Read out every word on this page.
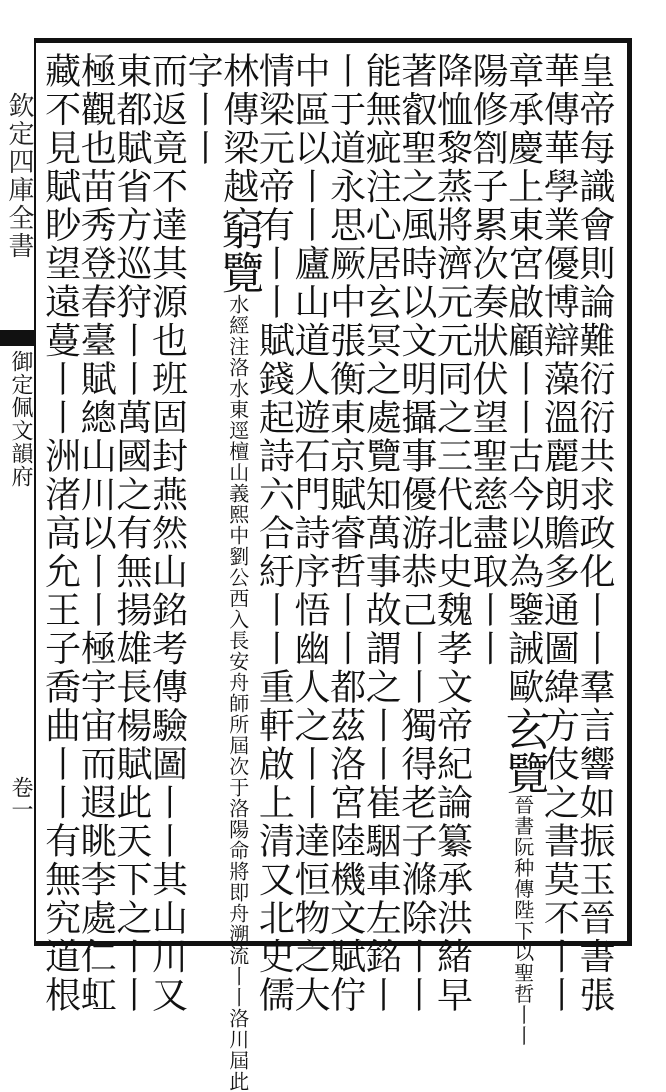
欽定四庫全書
御定佩文韻府
卷一	皇帝每識會則論難衍衍共求政化丨丨羣言響如振玉晉書張
華傳華學業優博辯藻溫麗朗贍多通圖緯方伎之書莫不丨丨
章承慶上東宮啟顧丨丨古今以為鑒誡歐玄覽晉書阮种傳陛下以聖哲丨丨
陽修劄子累次奏狀伏望聖慈盡取丨丨
降恤黎蒸將濟元元同之三代北史魏孝文帝紀論纂承洪緒早
著叡聖之風時以文明攝事優游恭己丨丨獨得老子滌除丨丨
能無疵注心居玄冥之處覽知萬事故謂之丨丨崔駰車左銘丨
丨于道永思厥中張衡東京賦睿哲丨丨都茲洛宮陸機文賦佇
中區以丨丨廬山道人遊石門詩序悟幽人之丨丨達恒物之大
情梁元帝有丨丨賦錢起詩六合紆丨丨重軒啟上清又北史儒
林傳梁越窮覽水經注洛水東逕檀山義熙中劉公西入長安舟師所屆次于洛陽命將即舟溯流丨丨洛川屆此
字丨丨
而返竟不達其源也班固封燕然山銘考傳驗圖丨丨其山川又
東都賦省方巡狩丨丨萬國之有無揚雄長楊賦此天下之丨丨
極觀也苗秀登春臺賦總山川以丨丨極宇宙而遐眺李處仁虹
藏不見賦眇望遠蔓丨丨洲渚高允王子喬曲丨丨有無究道根
